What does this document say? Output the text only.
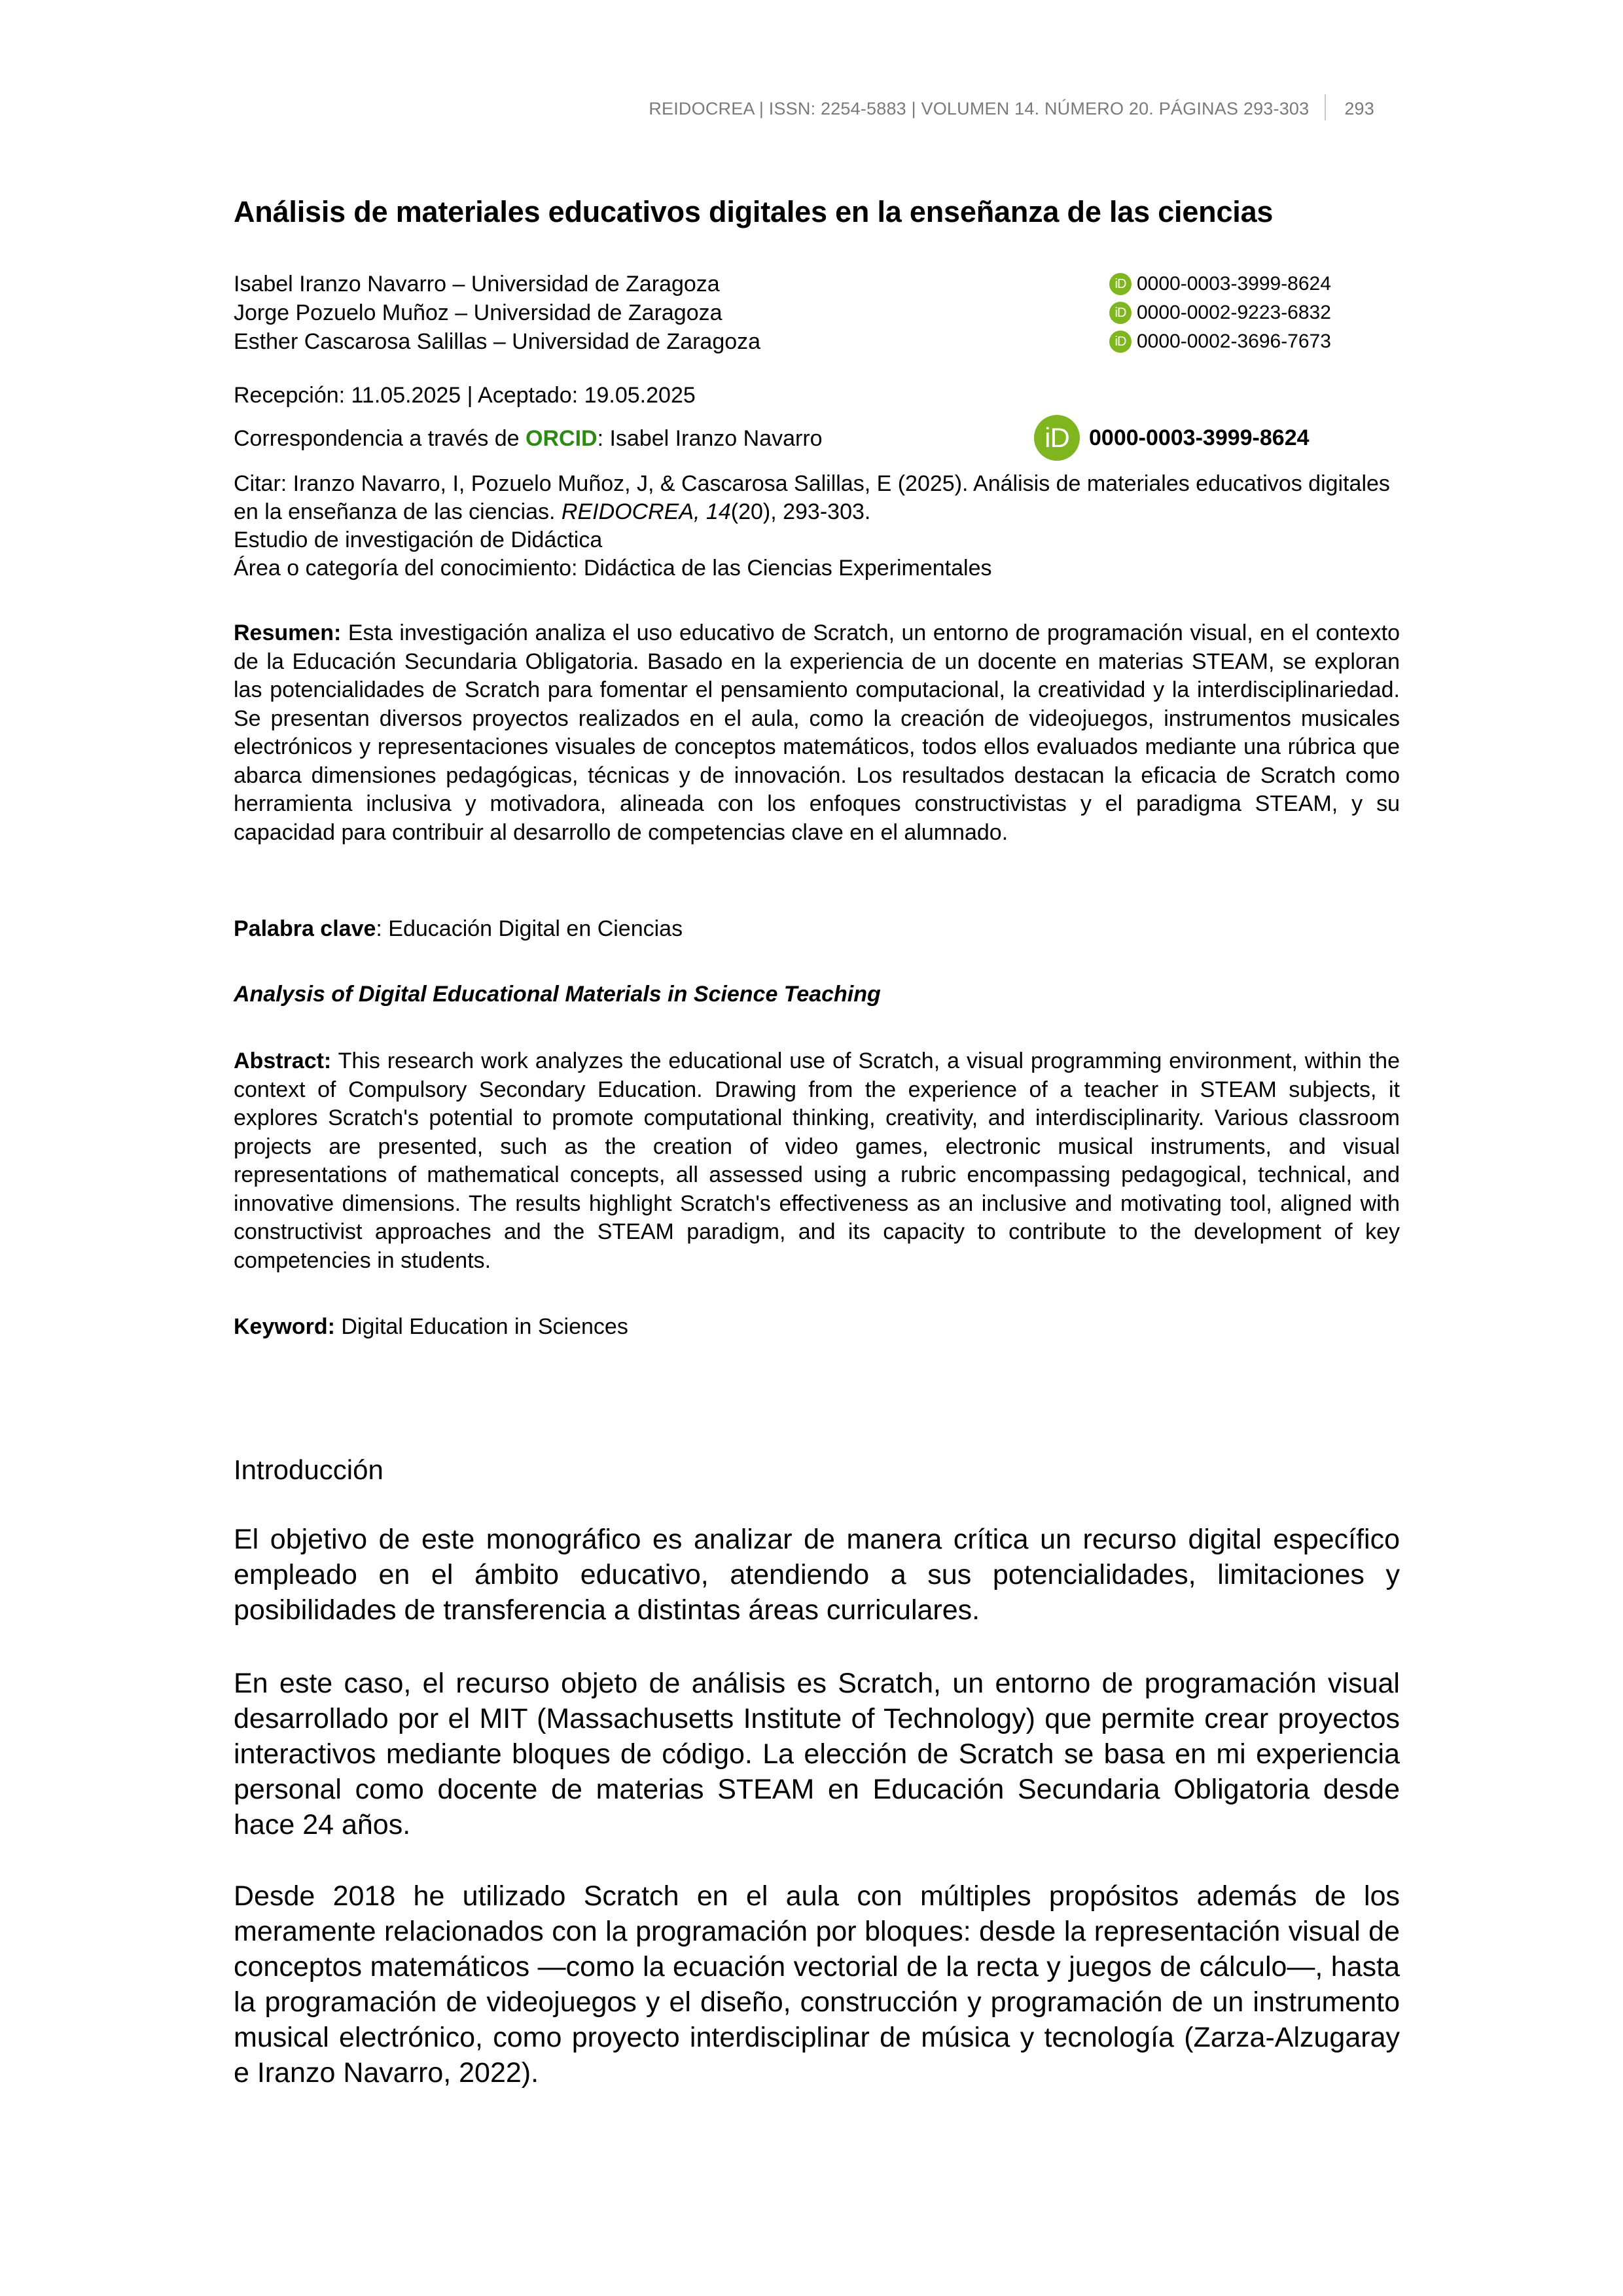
REIDOCREA | ISSN: 2254-5883 | VOLUMEN 14. NÚMERO 20. PÁGINAS 293-303 293
Análisis de materiales educativos digitales en la enseñanza de las ciencias
Isabel Iranzo Navarro – Universidad de Zaragoza
Jorge Pozuelo Muñoz – Universidad de Zaragoza
Esther Cascarosa Salillas – Universidad de Zaragoza
iD 0000-0003-3999-8624
iD 0000-0002-9223-6832
iD 0000-0002-3696-7673
Recepción: 11.05.2025 | Aceptado: 19.05.2025
Correspondencia a través de ORCID: Isabel Iranzo Navarro	iD 0000-0003-3999-8624
Citar: Iranzo Navarro, I, Pozuelo Muñoz, J, & Cascarosa Salillas, E (2025). Análisis de materiales educativos digitales en la enseñanza de las ciencias. REIDOCREA, 14(20), 293-303.
Estudio de investigación de Didáctica
Área o categoría del conocimiento: Didáctica de las Ciencias Experimentales
Resumen: Esta investigación analiza el uso educativo de Scratch, un entorno de programación visual, en el contexto de la Educación Secundaria Obligatoria. Basado en la experiencia de un docente en materias STEAM, se exploran las potencialidades de Scratch para fomentar el pensamiento computacional, la creatividad y la interdisciplinariedad. Se presentan diversos proyectos realizados en el aula, como la creación de videojuegos, instrumentos musicales electrónicos y representaciones visuales de conceptos matemáticos, todos ellos evaluados mediante una rúbrica que abarca dimensiones pedagógicas, técnicas y de innovación. Los resultados destacan la eficacia de Scratch como herramienta inclusiva y motivadora, alineada con los enfoques constructivistas y el paradigma STEAM, y su capacidad para contribuir al desarrollo de competencias clave en el alumnado.
Palabra clave: Educación Digital en Ciencias
Analysis of Digital Educational Materials in Science Teaching
Abstract: This research work analyzes the educational use of Scratch, a visual programming environment, within the context of Compulsory Secondary Education. Drawing from the experience of a teacher in STEAM subjects, it explores Scratch's potential to promote computational thinking, creativity, and interdisciplinarity. Various classroom projects are presented, such as the creation of video games, electronic musical instruments, and visual representations of mathematical concepts, all assessed using a rubric encompassing pedagogical, technical, and innovative dimensions. The results highlight Scratch's effectiveness as an inclusive and motivating tool, aligned with constructivist approaches and the STEAM paradigm, and its capacity to contribute to the development of key competencies in students.
Keyword: Digital Education in Sciences
Introducción
El objetivo de este monográfico es analizar de manera crítica un recurso digital específico empleado en el ámbito educativo, atendiendo a sus potencialidades, limitaciones y posibilidades de transferencia a distintas áreas curriculares.
En este caso, el recurso objeto de análisis es Scratch, un entorno de programación visual desarrollado por el MIT (Massachusetts Institute of Technology) que permite crear proyectos interactivos mediante bloques de código. La elección de Scratch se basa en mi experiencia personal como docente de materias STEAM en Educación Secundaria Obligatoria desde hace 24 años.
Desde 2018 he utilizado Scratch en el aula con múltiples propósitos además de los meramente relacionados con la programación por bloques: desde la representación visual de conceptos matemáticos —como la ecuación vectorial de la recta y juegos de cálculo—, hasta la programación de videojuegos y el diseño, construcción y programación de un instrumento musical electrónico, como proyecto interdisciplinar de música y tecnología (Zarza-Alzugaray e Iranzo Navarro, 2022).
